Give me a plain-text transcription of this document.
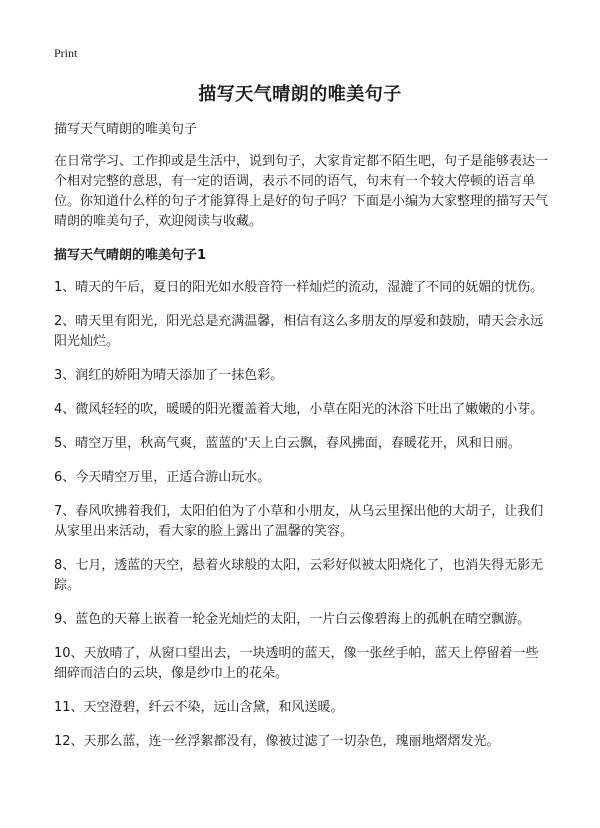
Print
描写天气晴朗的唯美句子

描写天气晴朗的唯美句子

在日常学习、工作抑或是生活中，说到句子，大家肯定都不陌生吧，句子是能够表达一个相对完整的意思，有一定的语调，表示不同的语气，句末有一个较大停顿的语言单位。你知道什么样的句子才能算得上是好的句子吗？下面是小编为大家整理的描写天气晴朗的唯美句子，欢迎阅读与收藏。

描写天气晴朗的唯美句子1

1、晴天的午后，夏日的阳光如水般音符一样灿烂的流动，湿漉了不同的妩媚的忧伤。

2、晴天里有阳光，阳光总是充满温馨，相信有这么多朋友的厚爱和鼓励，晴天会永远阳光灿烂。

3、润红的娇阳为晴天添加了一抹色彩。

4、微风轻轻的吹，暖暖的阳光覆盖着大地，小草在阳光的沐浴下吐出了嫩嫩的小芽。

5、晴空万里，秋高气爽，蓝蓝的'天上白云飘，春风拂面，春暖花开，风和日丽。

6、今天晴空万里，正适合游山玩水。

7、春风吹拂着我们，太阳伯伯为了小草和小朋友，从乌云里探出他的大胡子，让我们从家里出来活动，看大家的脸上露出了温馨的笑容。

8、七月，透蓝的天空，悬着火球般的太阳，云彩好似被太阳烧化了，也消失得无影无踪。

9、蓝色的天幕上嵌着一轮金光灿烂的太阳，一片白云像碧海上的孤帆在晴空飘游。

10、天放晴了，从窗口望出去，一块透明的蓝天，像一张丝手帕，蓝天上停留着一些细碎而洁白的云块，像是纱巾上的花朵。

11、天空澄碧，纤云不染，远山含黛，和风送暖。

12、天那么蓝，连一丝浮絮都没有，像被过滤了一切杂色，瑰丽地熠熠发光。
